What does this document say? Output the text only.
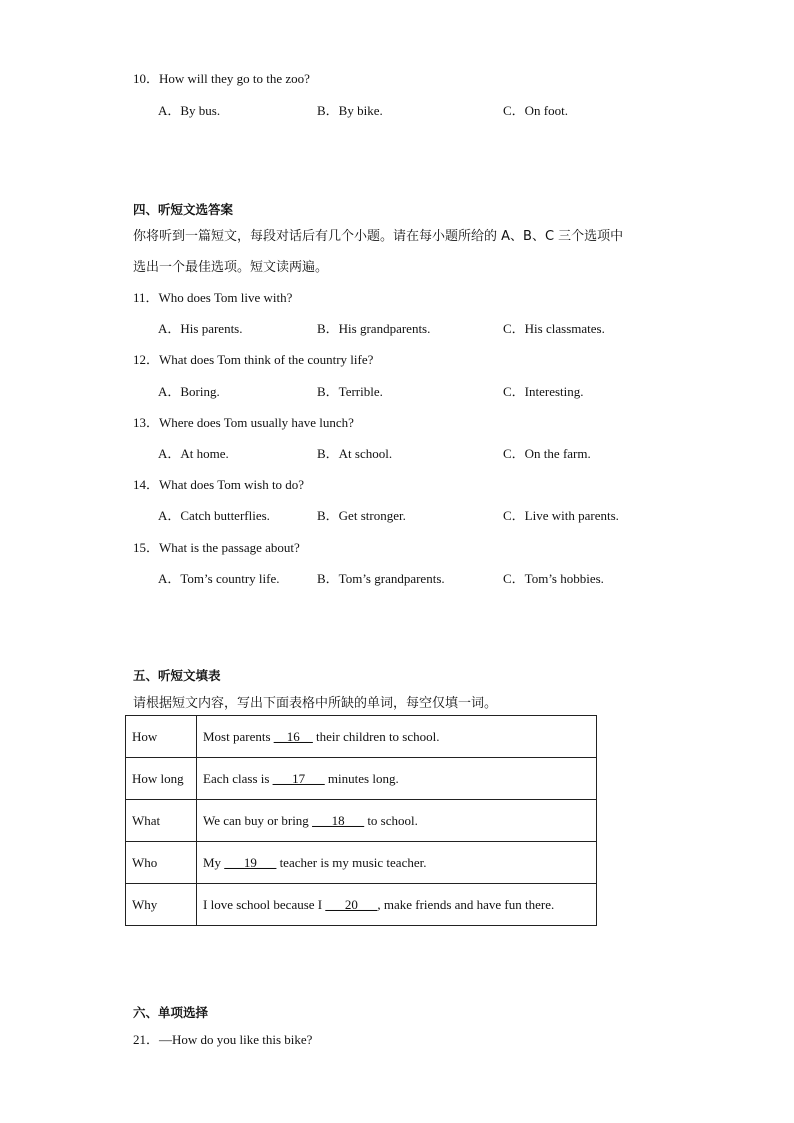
10．How will they go to the zoo?
A．By bus.	B．By bike.	C．On foot.
四、听短文选答案
你将听到一篇短文，每段对话后有几个小题。请在每小题所给的 A、B、C 三个选项中
选出一个最佳选项。短文读两遍。
11．Who does Tom live with?
A．His parents.	B．His grandparents.	C．His classmates.
12．What does Tom think of the country life?
A．Boring.	B．Terrible.	C．Interesting.
13．Where does Tom usually have lunch?
A．At home.	B．At school.	C．On the farm.
14．What does Tom wish to do?
A．Catch butterflies.	B．Get stronger.	C．Live with parents.
15．What is the passage about?
A．Tom’s country life.	B．Tom’s grandparents.	C．Tom’s hobbies.
五、听短文填表
请根据短文内容，写出下面表格中所缺的单词，每空仅填一词。
How	Most parents __16__ their children to school.
How long	Each class is ___17___ minutes long.
What	We can buy or bring ___18___ to school.
Who	My ___19___ teacher is my music teacher.
Why	I love school because I ___20___, make friends and have fun there.
六、单项选择
21．—How do you like this bike?
